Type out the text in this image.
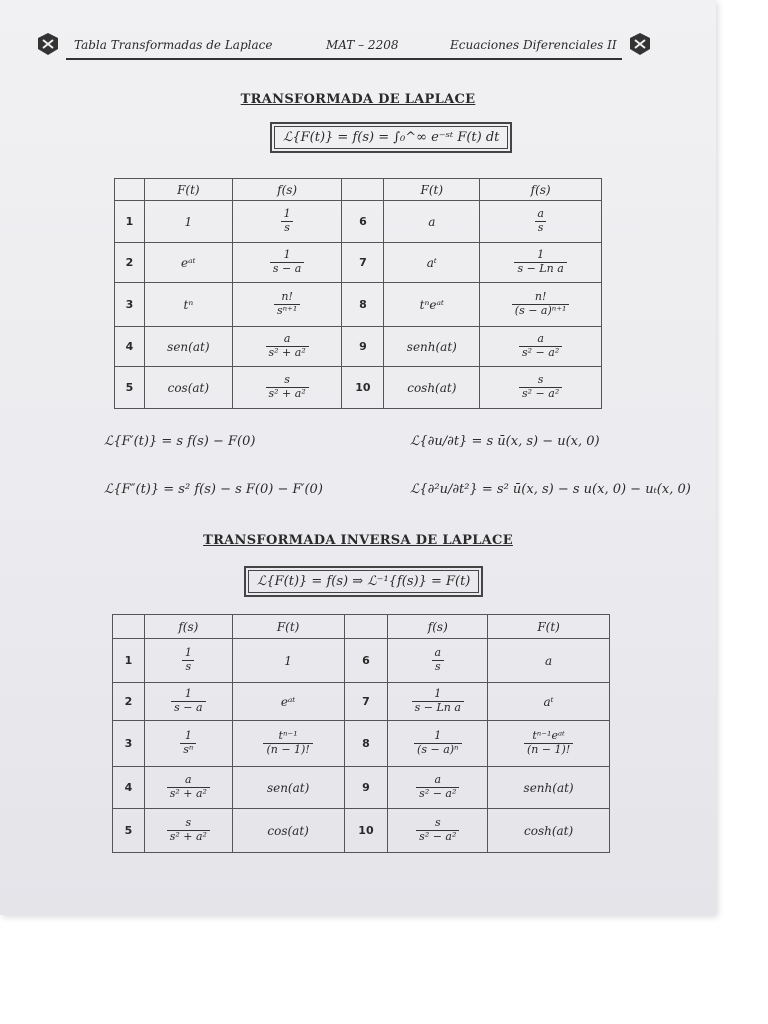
Tabla Transformadas de Laplace	MAT – 2208	Ecuaciones Diferenciales II
TRANSFORMADA DE LAPLACE
ℒ{F(t)} = f(s) = ∫₀^∞ e⁻ˢᵗ F(t) dt
	F(t)	f(s)		F(t)	f(s)
1	1	$\frac{1}{s}$	6	a	$\frac{a}{s}$

2	eᵃᵗ	$\frac{1}{s - a}$	7	aᵗ	$\frac{1}{\text{s − Ln a}}$

3	tⁿ	$\frac{n!}{\text{sⁿ⁺¹}}$	8	tⁿeᵃᵗ	$\frac{n!}{\text{(s − a)ⁿ⁺¹}}$

4	sen(at)	$\frac{a}{\text{s² + a²}}$	9	senh(at)	$\frac{a}{\text{s² − a²}}$

5	cos(at)	$\frac{s}{\text{s² + a²}}$	10	cosh(at)	$\frac{s}{\text{s² − a²}}$
ℒ{F′(t)} = s f(s) − F(0)
ℒ{F″(t)} = s² f(s) − s F(0) − F′(0)
ℒ{∂u/∂t} = s ū(x, s) − u(x, 0)
ℒ{∂²u/∂t²} = s² ū(x, s) − s u(x, 0) − uₜ(x, 0)
TRANSFORMADA INVERSA DE LAPLACE
ℒ{F(t)} = f(s) ⇒ ℒ⁻¹{f(s)} = F(t)
	f(s)	F(t)		f(s)	F(t)
1	$\frac{1}{s}$	1	6	$\frac{a}{s}$	a
2	$\frac{1}{s - a}$	eᵃᵗ	7	$\frac{1}{\text{s − Ln a}}$	aᵗ
3	$\frac{1}{\text{sⁿ}}$	$\frac{\text{tⁿ⁻¹}}{(n - 1)!}$	8	$\frac{1}{\text{(s − a)ⁿ}}$	$\frac{\text{tⁿ⁻¹eᵃᵗ}}{(n - 1)!}$

4	$\frac{a}{\text{s² + a²}}$	sen(at)	9	$\frac{a}{\text{s² − a²}}$	senh(at)
5	$\frac{s}{\text{s² + a²}}$	cos(at)	10	$\frac{s}{\text{s² − a²}}$	cosh(at)
